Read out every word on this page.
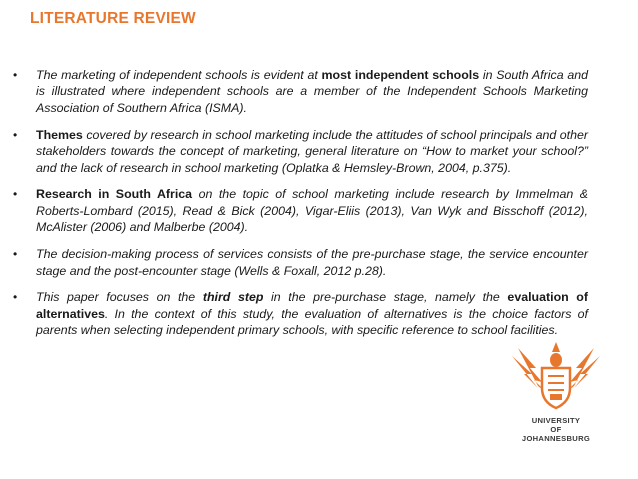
LITERATURE REVIEW
• The marketing of independent schools is evident at most independent schools in South Africa and is illustrated where independent schools are a member of the Independent Schools Marketing Association of Southern Africa (ISMA).
• Themes covered by research in school marketing include the attitudes of school principals and other stakeholders towards the concept of marketing, general literature on “How to market your school?” and the lack of research in school marketing (Oplatka & Hemsley-Brown, 2004, p.375).
• Research in South Africa on the topic of school marketing include research by Immelman & Roberts-Lombard (2015), Read & Bick (2004), Vigar-Eliis (2013), Van Wyk and Bisschoff (2012), McAlister (2006) and Malberbe (2004).
• The decision-making process of services consists of the pre-purchase stage, the service encounter stage and the post-encounter stage (Wells & Foxall, 2012 p.28).
• This paper focuses on the third step in the pre-purchase stage, namely the evaluation of alternatives. In the context of this study, the evaluation of alternatives is the choice factors of parents when selecting independent primary schools, with specific reference to school facilities.
UNIVERSITY
OF
JOHANNESBURG
